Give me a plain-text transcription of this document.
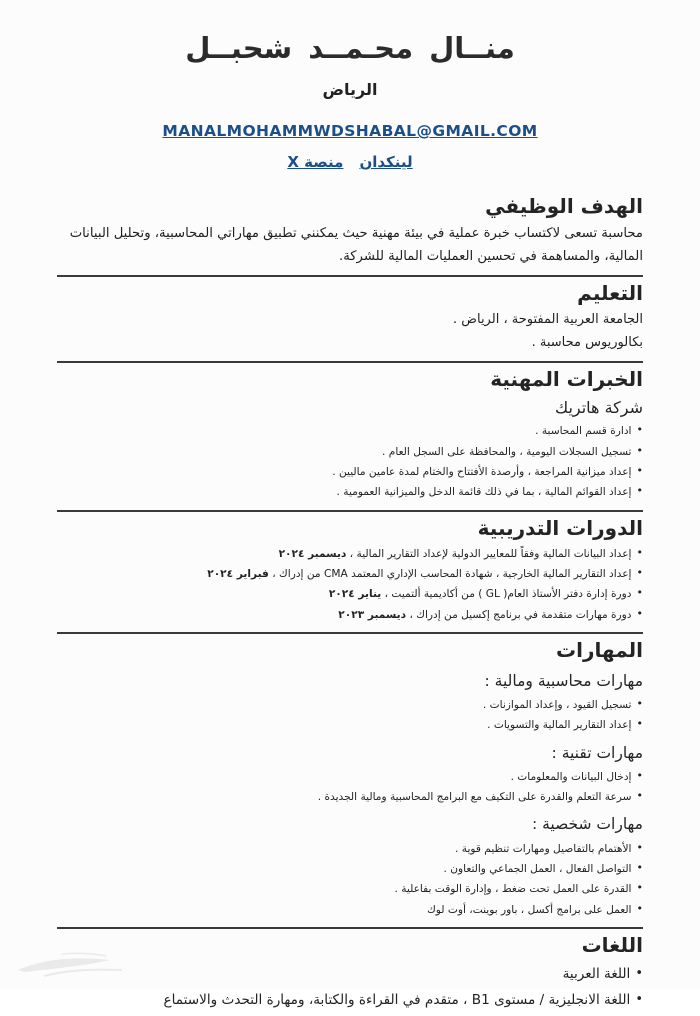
منــال محـمــد شحبــل
الرياض
MANALMOHAMMWDSHABAL@GMAIL.COM
لينكدان
منصة X
الهدف الوظيفي
محاسبة تسعى لاكتساب خبرة عملية في بيئة مهنية حيث يمكنني تطبيق مهاراتي المحاسبية، وتحليل البيانات المالية، والمساهمة في تحسين العمليات المالية للشركة.
التعليم
الجامعة العربية المفتوحة ، الرياض .
بكالوريوس محاسبة .
الخبرات المهنية
شركة هاتريك
•ادارة قسم المحاسبة .
•تسجيل السجلات اليومية ، والمحافظة على السجل العام .
•إعداد ميزانية المراجعة ، وأرصدة الأفتتاح والختام لمدة عامين ماليين .
•إعداد القوائم المالية ، بما في ذلك قائمة الدخل والميزانية العمومية .
الدورات التدريبية
•إعداد البيانات المالية وفقاً للمعايير الدولية لإعداد التقارير المالية ، ديسمبر ٢٠٢٤
•إعداد التقارير المالية الخارجية ، شهادة المحاسب الإداري المعتمد CMA من إدراك ، فبراير ٢٠٢٤
•دورة إدارة دفتر الأستاذ العام( GL ) من أكاديمية ألتميت ، يناير ٢٠٢٤
•دورة مهارات متقدمة في برنامج إكسيل من إدراك ، ديسمبر ٢٠٢٣
المهارات
مهارات محاسبية ومالية :
•تسجيل القيود ، وإعداد الموازنات .
•إعداد التقارير المالية والتسويات .
مهارات تقنية :
•إدخال البيانات والمعلومات .
•سرعة التعلم والقدرة على التكيف مع البرامج المحاسبية ومالية الجديدة .
مهارات شخصية :
•الأهتمام بالتفاصيل ومهارات تنظيم قوية .
•التواصل الفعال ، العمل الجماعي والتعاون .
•القدرة على العمل تحت ضغط ، وإدارة الوقت بفاعلية .
•العمل على برامج أكسل ، باور بوينت، أوت لوك
اللغات
•اللغة العربية
•اللغة الانجليزية / مستوى B1 ، متقدم في القراءة والكتابة، ومهارة التحدث والاستماع
